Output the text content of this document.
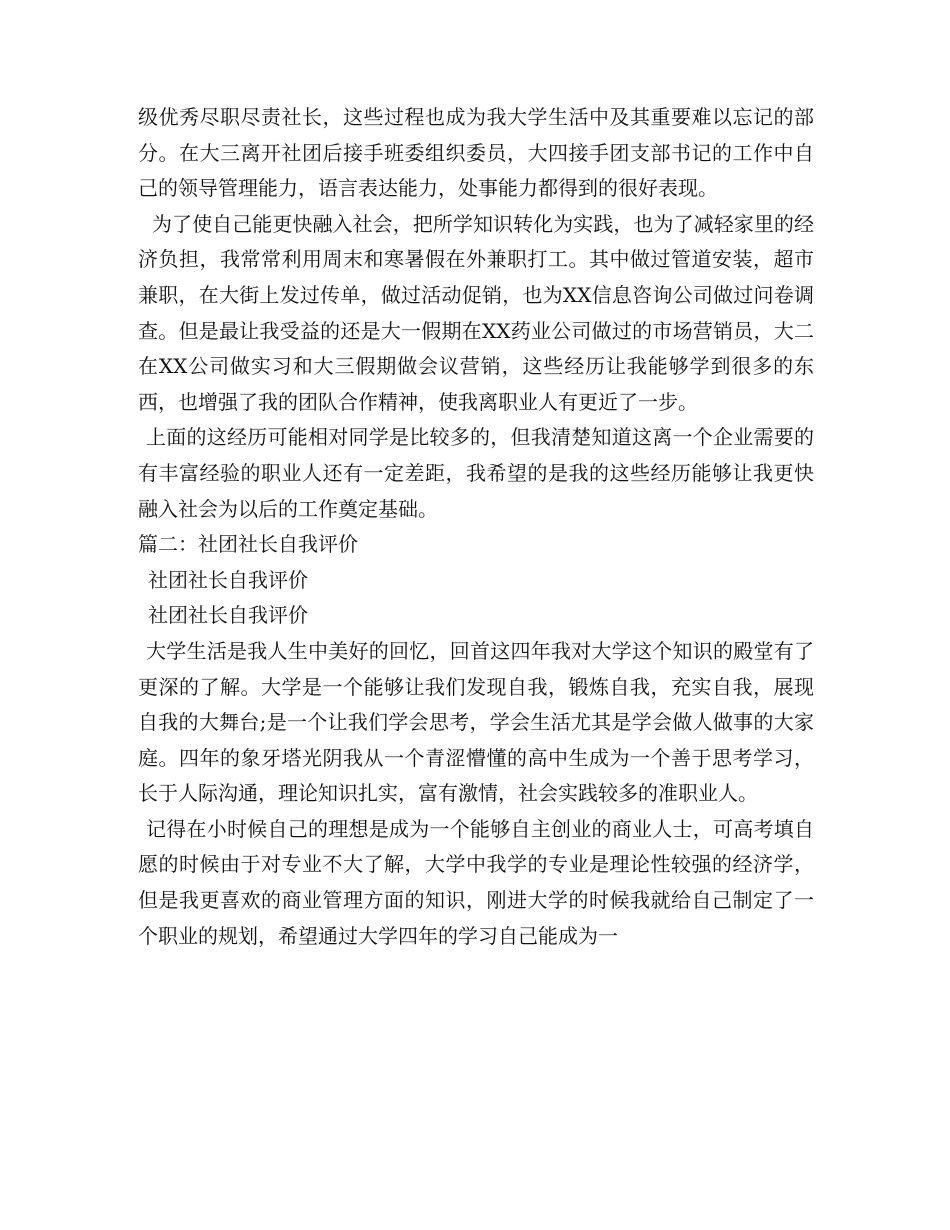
级优秀尽职尽责社长，这些过程也成为我大学生活中及其重要难以忘记的部分。在大三离开社团后接手班委组织委员，大四接手团支部书记的工作中自己的领导管理能力，语言表达能力，处事能力都得到的很好表现。

为了使自己能更快融入社会，把所学知识转化为实践，也为了减轻家里的经济负担，我常常利用周末和寒暑假在外兼职打工。其中做过管道安装，超市兼职，在大街上发过传单，做过活动促销，也为XX信息咨询公司做过问卷调查。但是最让我受益的还是大一假期在XX药业公司做过的市场营销员，大二在XX公司做实习和大三假期做会议营销，这些经历让我能够学到很多的东西，也增强了我的团队合作精神，使我离职业人有更近了一步。

上面的这经历可能相对同学是比较多的，但我清楚知道这离一个企业需要的有丰富经验的职业人还有一定差距，我希望的是我的这些经历能够让我更快融入社会为以后的工作奠定基础。

篇二：社团社长自我评价

社团社长自我评价

社团社长自我评价

大学生活是我人生中美好的回忆，回首这四年我对大学这个知识的殿堂有了更深的了解。大学是一个能够让我们发现自我，锻炼自我，充实自我，展现自我的大舞台;是一个让我们学会思考，学会生活尤其是学会做人做事的大家庭。四年的象牙塔光阴我从一个青涩懵懂的高中生成为一个善于思考学习，长于人际沟通，理论知识扎实，富有激情，社会实践较多的准职业人。

记得在小时候自己的理想是成为一个能够自主创业的商业人士，可高考填自愿的时候由于对专业不大了解，大学中我学的专业是理论性较强的经济学，但是我更喜欢的商业管理方面的知识，刚进大学的时候我就给自己制定了一个职业的规划，希望通过大学四年的学习自己能成为一
